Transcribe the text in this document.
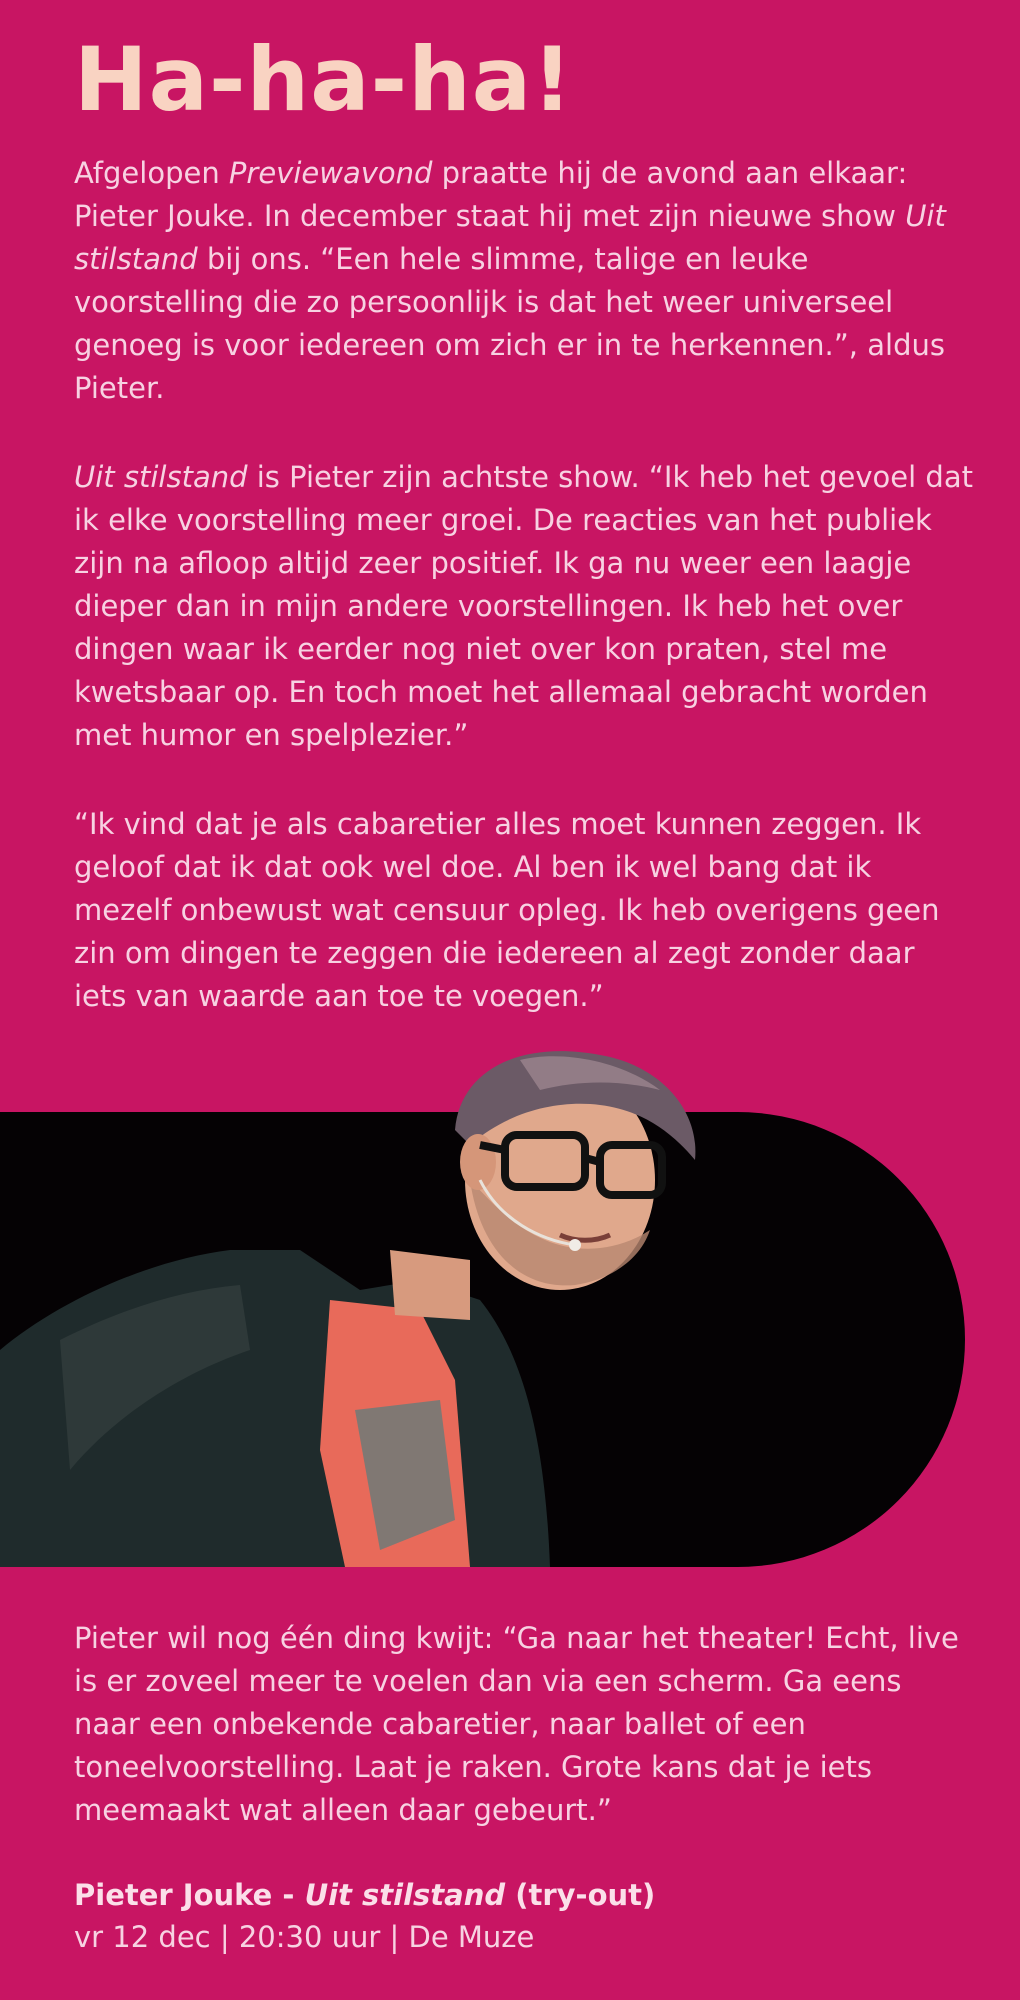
Ha-ha-ha!

Afgelopen Previewavond praatte hij de avond aan elkaar: Pieter Jouke. In december staat hij met zijn nieuwe show Uit stilstand bij ons. “Een hele slimme, talige en leuke voorstelling die zo persoonlijk is dat het weer universeel genoeg is voor iedereen om zich er in te herkennen.”, aldus Pieter.

Uit stilstand is Pieter zijn achtste show. “Ik heb het gevoel dat ik elke voorstelling meer groei. De reacties van het publiek zijn na afloop altijd zeer positief. Ik ga nu weer een laagje dieper dan in mijn andere voorstellingen. Ik heb het over dingen waar ik eerder nog niet over kon praten, stel me kwetsbaar op. En toch moet het allemaal gebracht worden met humor en spelplezier.”

“Ik vind dat je als cabaretier alles moet kunnen zeggen. Ik geloof dat ik dat ook wel doe. Al ben ik wel bang dat ik mezelf onbewust wat censuur opleg. Ik heb overigens geen zin om dingen te zeggen die iedereen al zegt zonder daar iets van waarde aan toe te voegen.”

Pieter wil nog één ding kwijt: “Ga naar het theater! Echt, live is er zoveel meer te voelen dan via een scherm. Ga eens naar een onbekende cabaretier, naar ballet of een toneelvoorstelling. Laat je raken. Grote kans dat je iets meemaakt wat alleen daar gebeurt.”

Pieter Jouke - Uit stilstand (try-out)
vr 12 dec | 20:30 uur | De Muze
